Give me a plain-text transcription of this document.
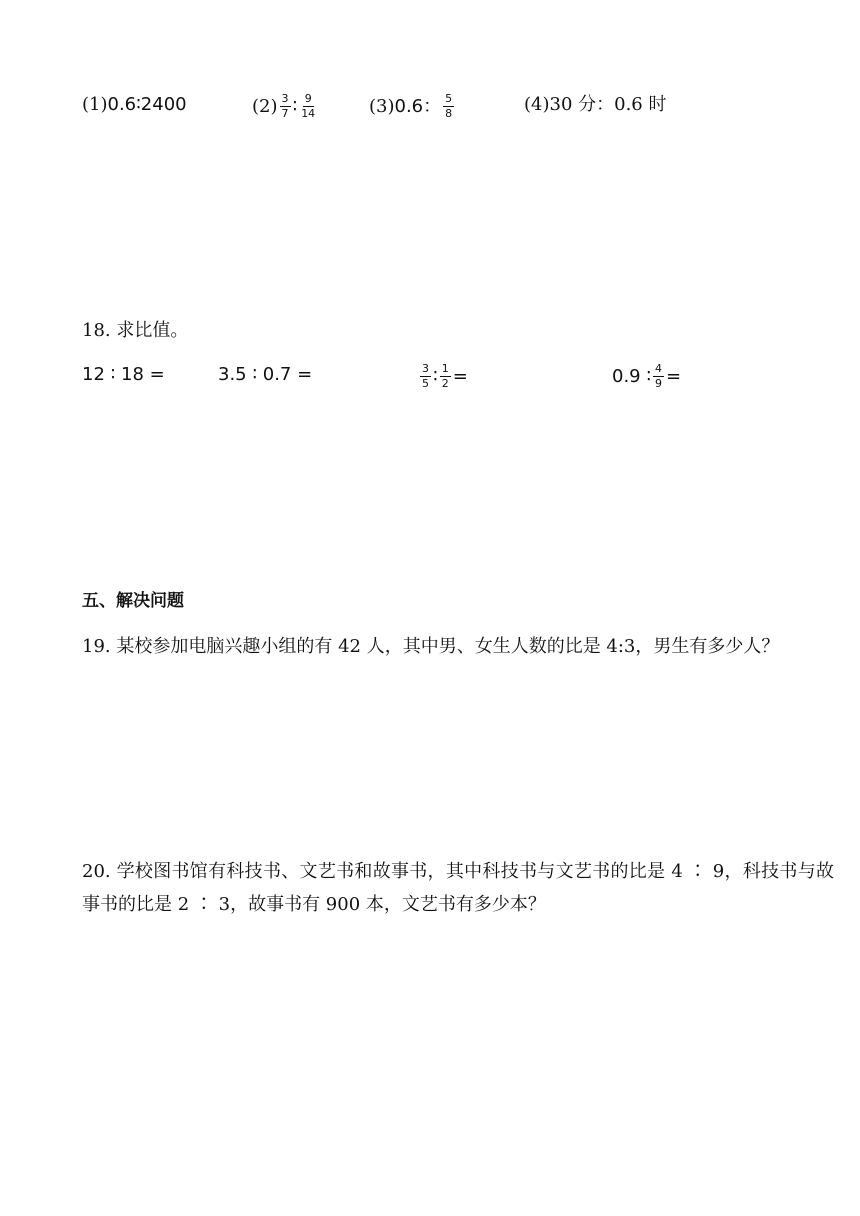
(1) 0.6∶2400	$(2) \frac{3}{7}$ ∶ $\frac{9}{14}$	(3) 0.6： $\frac{5}{8}$	(4) 30 分：0.6 时
18. 求比值。
12 ∶ 18 =	3.5 ∶ 0.7 =	$\frac{3}{5}$ ∶ $\frac{1}{2}$ =	0.9 ∶ $\frac{4}{9}$ =
五、解决问题
19. 某校参加电脑兴趣小组的有 42 人，其中男、女生人数的比是 4:3，男生有多少人？
20. 学校图书馆有科技书、文艺书和故事书，其中科技书与文艺书的比是 4 ∶ 9，科技书与故事书的比是 2 ∶ 3，故事书有 900 本，文艺书有多少本？
